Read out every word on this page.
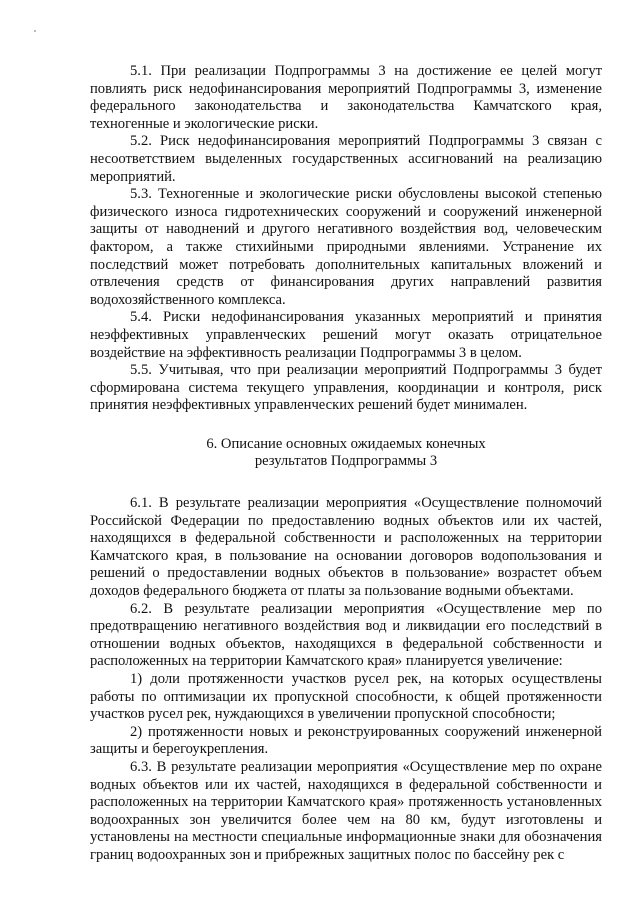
5.1. При реализации Подпрограммы 3 на достижение ее целей могут повлиять риск недофинансирования мероприятий Подпрограммы 3, изменение федерального законодательства и законодательства Камчатского края, техногенные и экологические риски.

5.2. Риск недофинансирования мероприятий Подпрограммы 3 связан с несоответствием выделенных государственных ассигнований на реализацию мероприятий.

5.3. Техногенные и экологические риски обусловлены высокой степенью физического износа гидротехнических сооружений и сооружений инженерной защиты от наводнений и другого негативного воздействия вод, человеческим фактором, а также стихийными природными явлениями. Устранение их последствий может потребовать дополнительных капитальных вложений и отвлечения средств от финансирования других направлений развития водохозяйственного комплекса.

5.4. Риски недофинансирования указанных мероприятий и принятия неэффективных управленческих решений могут оказать отрицательное воздействие на эффективность реализации Подпрограммы 3 в целом.

5.5. Учитывая, что при реализации мероприятий Подпрограммы 3 будет сформирована система текущего управления, координации и контроля, риск принятия неэффективных управленческих решений будет минимален.

6. Описание основных ожидаемых конечных
результатов Подпрограммы 3

6.1. В результате реализации мероприятия «Осуществление полномочий Российской Федерации по предоставлению водных объектов или их частей, находящихся в федеральной собственности и расположенных на территории Камчатского края, в пользование на основании договоров водопользования и решений о предоставлении водных объектов в пользование» возрастет объем доходов федерального бюджета от платы за пользование водными объектами.

6.2. В результате реализации мероприятия «Осуществление мер по предотвращению негативного воздействия вод и ликвидации его последствий в отношении водных объектов, находящихся в федеральной собственности и расположенных на территории Камчатского края» планируется увеличение:

1) доли протяженности участков русел рек, на которых осуществлены работы по оптимизации их пропускной способности, к общей протяженности участков русел рек, нуждающихся в увеличении пропускной способности;

2) протяженности новых и реконструированных сооружений инженерной защиты и берегоукрепления.

6.3. В результате реализации мероприятия «Осуществление мер по охране водных объектов или их частей, находящихся в федеральной собственности и расположенных на территории Камчатского края» протяженность установленных водоохранных зон увеличится более чем на 80 км, будут изготовлены и установлены на местности специальные информационные знаки для обозначения границ водоохранных зон и прибрежных защитных полос по бассейну рек с
